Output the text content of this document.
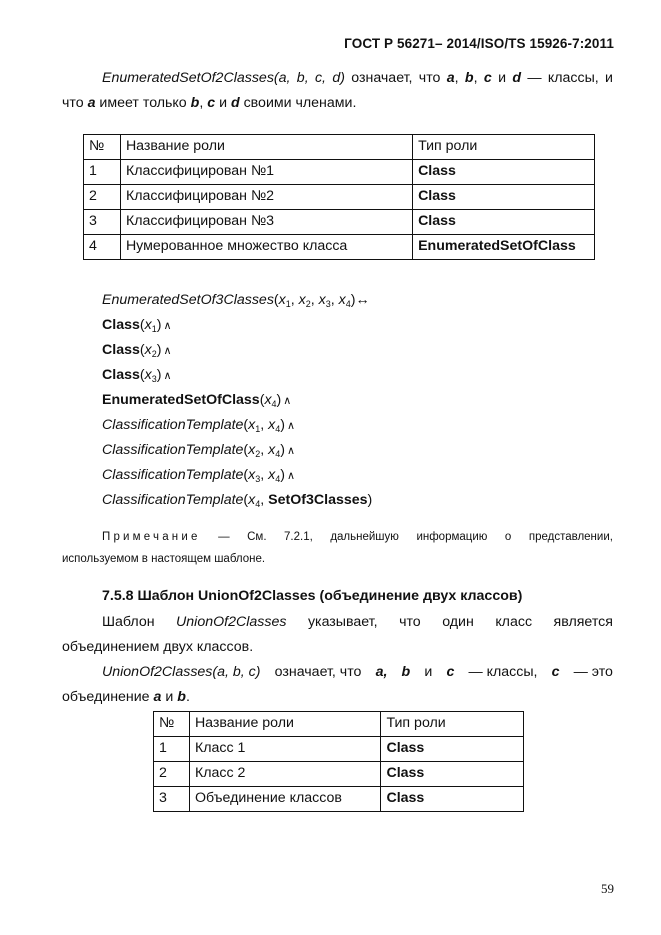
ГОСТ Р 56271– 2014/ISO/TS 15926-7:2011
EnumeratedSetOf2Classes(a, b, c, d) означает, что a, b, c и d — классы, и
что a имеет только b, c и d своими членами.
№	Название роли	Тип роли
1	Классифицирован №1	Class
2	Классифицирован №2	Class
3	Классифицирован №3	Class
4	Нумерованное множество класса	EnumeratedSetOfClass
$EnumeratedSetOf3Classes(x_1$, $x_2$, $x_3$, $x_4)\leftrightarrow$
$Class(x_1)$ ∧
$Class(x_2)$ ∧
$Class(x_3)$ ∧
$EnumeratedSetOfClass(x_4)$ ∧
$ClassificationTemplate(x_1$, $x_4$) ∧
$ClassificationTemplate(x_2$, $x_4$) ∧
$ClassificationTemplate(x_3$, $x_4$) ∧
$ClassificationTemplate(x_4$, SetOf3Classes)
Примечание — См. 7.2.1, дальнейшую информацию о представлении,
используемом в настоящем шаблоне.
7.5.8 Шаблон UnionOf2Classes (объединение двух классов)
Шаблон UnionOf2Classes указывает, что один класс является
объединением двух классов.
UnionOf2Classes(a, b, c) означает, что a, b и c — классы, c — это
объединение a и b.
№	Название роли	Тип роли
1	Класс 1	Class
2	Класс 2	Class
3	Объединение классов	Class
59
